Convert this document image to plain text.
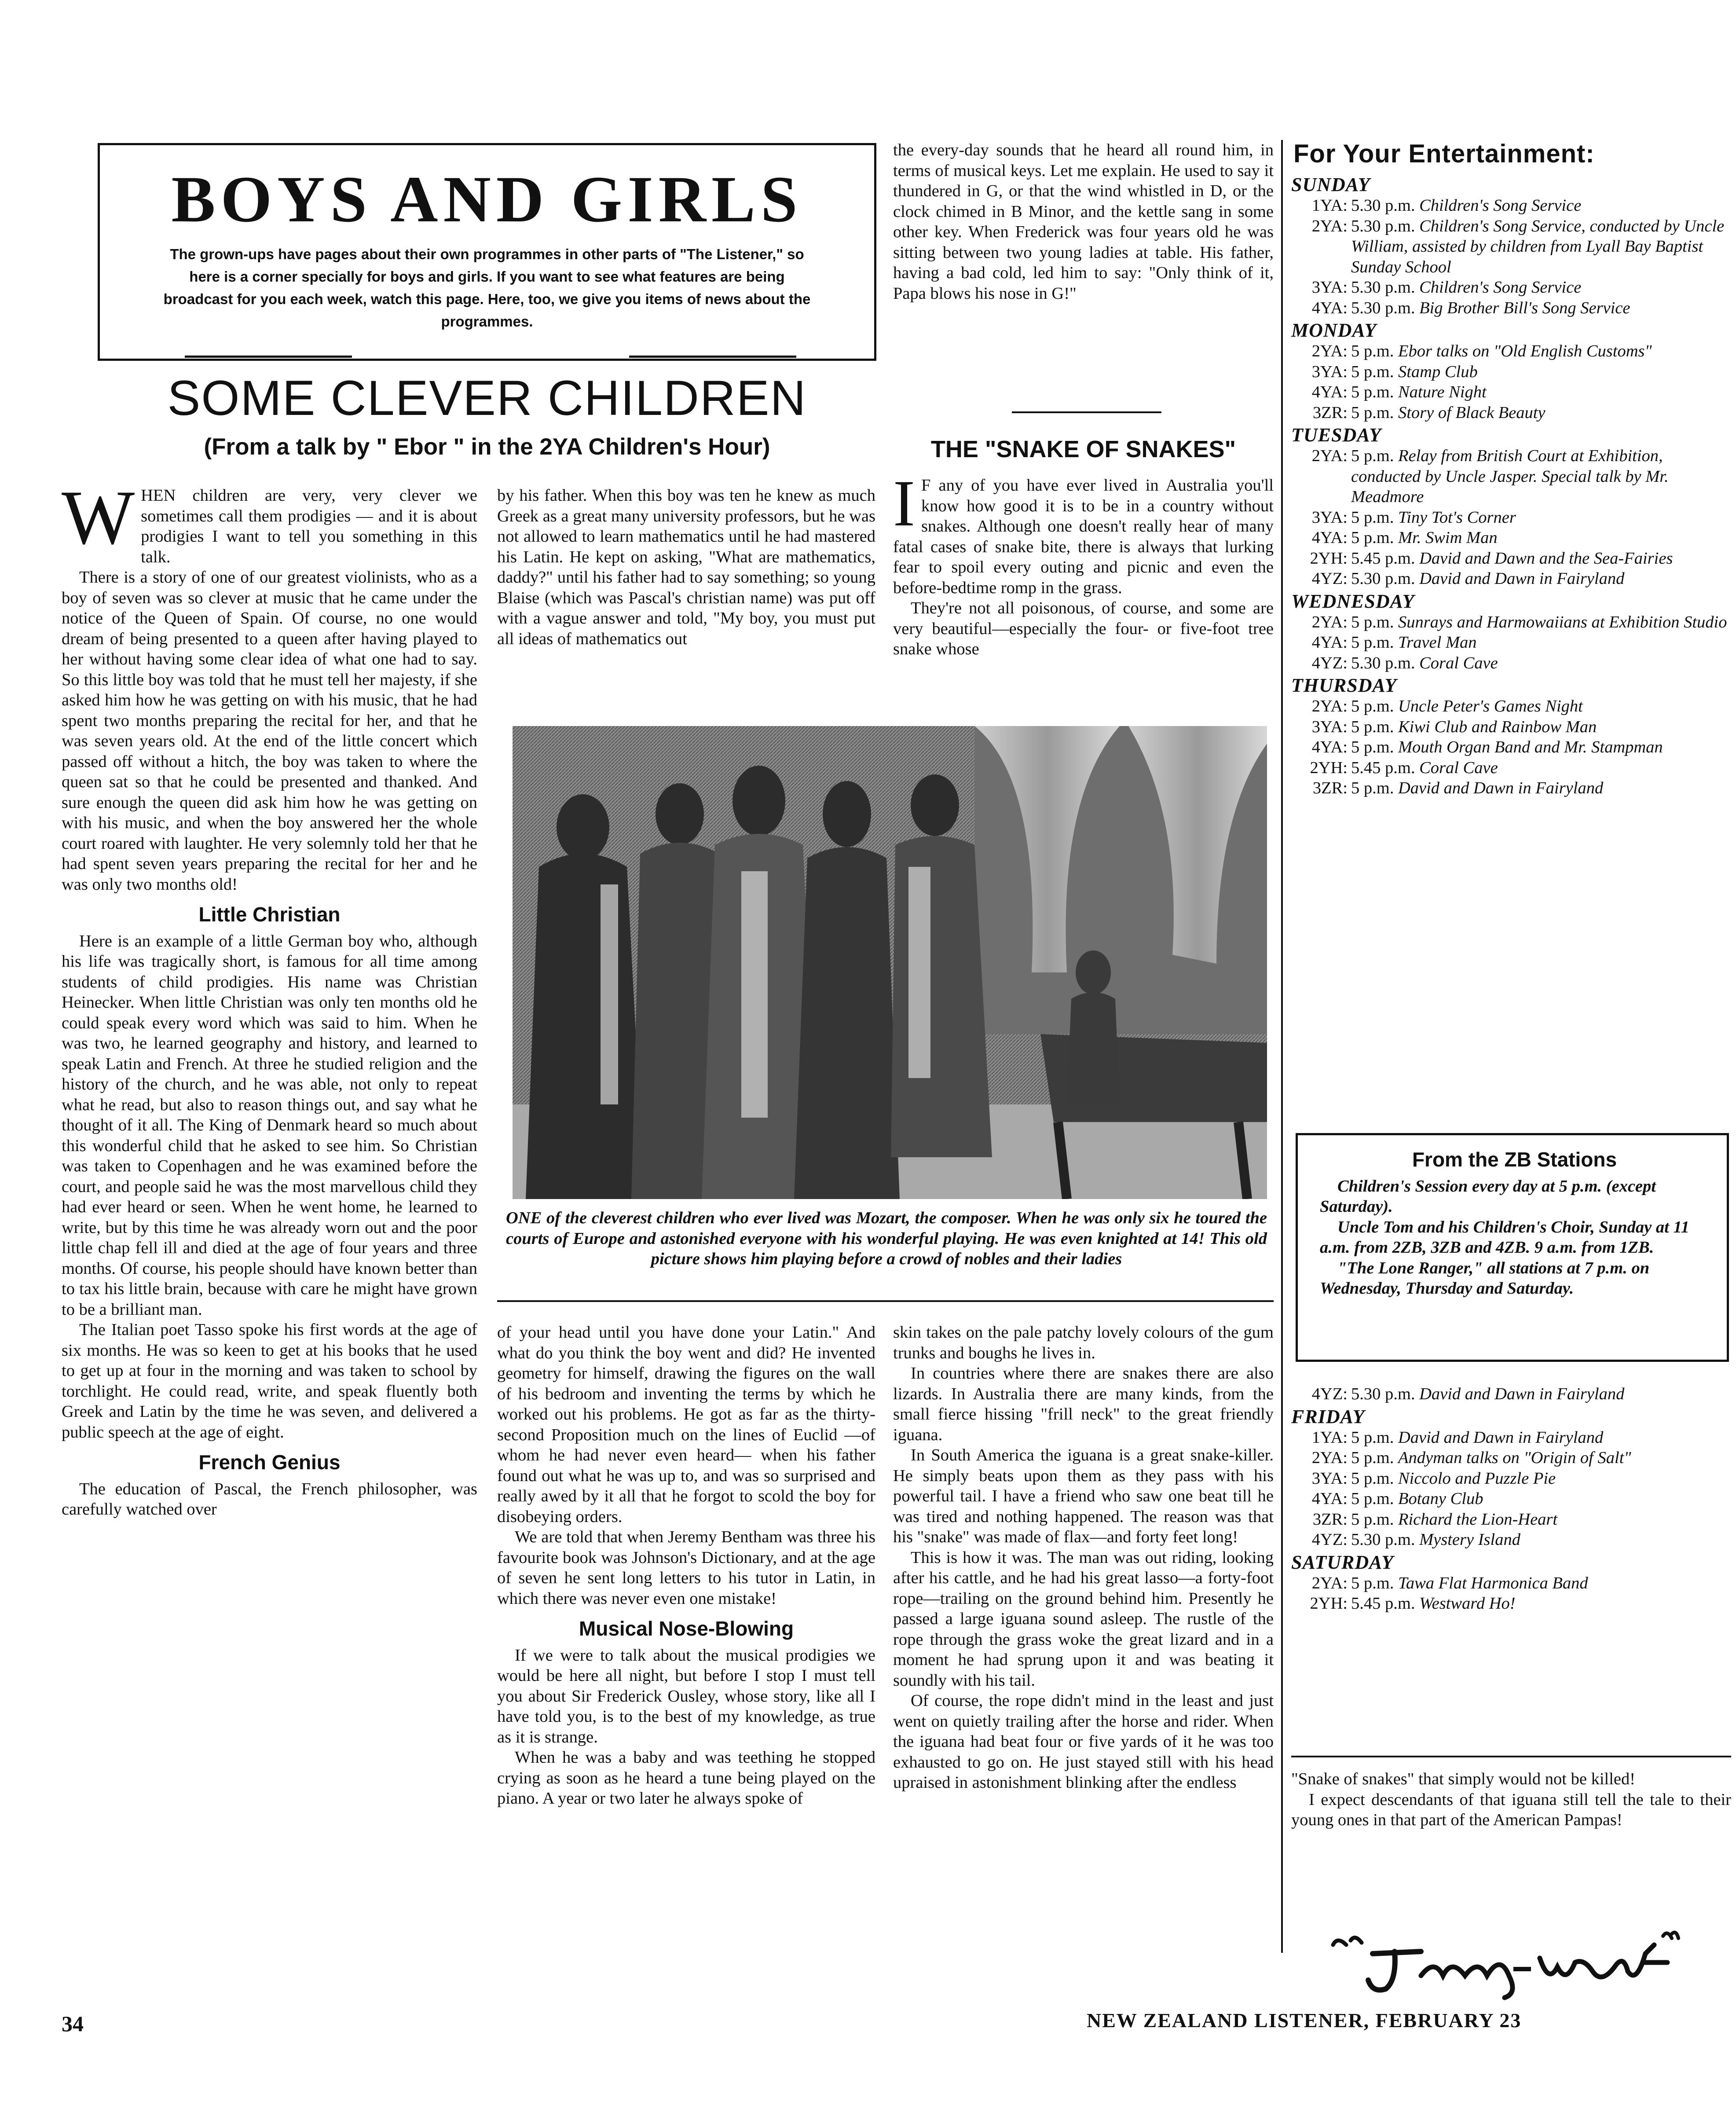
BOYS AND GIRLS
The grown-ups have pages about their own programmes in other parts of "The Listener," so here is a corner specially for boys and girls. If you want to see what features are being broadcast for you each week, watch this page. Here, too, we give you items of news about the programmes.
SOME CLEVER CHILDREN
(From a talk by " Ebor " in the 2YA Children's Hour)
W HEN children are very, very clever we sometimes call them prodigies — and it is about prodigies I want to tell you something in this talk.

There is a story of one of our greatest violinists, who as a boy of seven was so clever at music that he came under the notice of the Queen of Spain. Of course, no one would dream of being presented to a queen after having played to her without having some clear idea of what one had to say. So this little boy was told that he must tell her majesty, if she asked him how he was getting on with his music, that he had spent two months preparing the recital for her, and that he was seven years old. At the end of the little concert which passed off without a hitch, the boy was taken to where the queen sat so that he could be presented and thanked. And sure enough the queen did ask him how he was getting on with his music, and when the boy answered her the whole court roared with laughter. He very solemnly told her that he had spent seven years preparing the recital for her and he was only two months old!

Little Christian

Here is an example of a little German boy who, although his life was tragically short, is famous for all time among students of child prodigies. His name was Christian Heinecker. When little Christian was only ten months old he could speak every word which was said to him. When he was two, he learned geography and history, and learned to speak Latin and French. At three he studied religion and the history of the church, and he was able, not only to repeat what he read, but also to reason things out, and say what he thought of it all. The King of Denmark heard so much about this wonderful child that he asked to see him. So Christian was taken to Copenhagen and he was examined before the court, and people said he was the most marvellous child they had ever heard or seen. When he went home, he learned to write, but by this time he was already worn out and the poor little chap fell ill and died at the age of four years and three months. Of course, his people should have known better than to tax his little brain, because with care he might have grown to be a brilliant man.

The Italian poet Tasso spoke his first words at the age of six months. He was so keen to get at his books that he used to get up at four in the morning and was taken to school by torchlight. He could read, write, and speak fluently both Greek and Latin by the time he was seven, and delivered a public speech at the age of eight.

French Genius

The education of Pascal, the French philosopher, was carefully watched over

by his father. When this boy was ten he knew as much Greek as a great many university professors, but he was not allowed to learn mathematics until he had mastered his Latin. He kept on asking, "What are mathematics, daddy?" until his father had to say something; so young Blaise (which was Pascal's christian name) was put off with a vague answer and told, "My boy, you must put all ideas of mathematics out

the every-day sounds that he heard all round him, in terms of musical keys. Let me explain. He used to say it thundered in G, or that the wind whistled in D, or the clock chimed in B Minor, and the kettle sang in some other key. When Frederick was four years old he was sitting between two young ladies at table. His father, having a bad cold, led him to say: "Only think of it, Papa blows his nose in G!"

THE "SNAKE OF SNAKES"
I F any of you have ever lived in Australia you'll know how good it is to be in a country without snakes. Although one doesn't really hear of many fatal cases of snake bite, there is always that lurking fear to spoil every outing and picnic and even the before-bedtime romp in the grass.

They're not all poisonous, of course, and some are very beautiful—especially the four- or five-foot tree snake whose

ONE of the cleverest children who ever lived was Mozart, the composer. When he was only six he toured the courts of Europe and astonished everyone with his wonderful playing. He was even knighted at 14! This old picture shows him playing before a crowd of nobles and their ladies

of your head until you have done your Latin." And what do you think the boy went and did? He invented geometry for himself, drawing the figures on the wall of his bedroom and inventing the terms by which he worked out his problems. He got as far as the thirty-second Proposition much on the lines of Euclid —of whom he had never even heard— when his father found out what he was up to, and was so surprised and really awed by it all that he forgot to scold the boy for disobeying orders.

We are told that when Jeremy Bentham was three his favourite book was Johnson's Dictionary, and at the age of seven he sent long letters to his tutor in Latin, in which there was never even one mistake!

Musical Nose-Blowing

If we were to talk about the musical prodigies we would be here all night, but before I stop I must tell you about Sir Frederick Ousley, whose story, like all I have told you, is to the best of my knowledge, as true as it is strange.

When he was a baby and was teething he stopped crying as soon as he heard a tune being played on the piano. A year or two later he always spoke of

skin takes on the pale patchy lovely colours of the gum trunks and boughs he lives in.

In countries where there are snakes there are also lizards. In Australia there are many kinds, from the small fierce hissing "frill neck" to the great friendly iguana.

In South America the iguana is a great snake-killer. He simply beats upon them as they pass with his powerful tail. I have a friend who saw one beat till he was tired and nothing happened. The reason was that his "snake" was made of flax—and forty feet long!

This is how it was. The man was out riding, looking after his cattle, and he had his great lasso—a forty-foot rope—trailing on the ground behind him. Presently he passed a large iguana sound asleep. The rustle of the rope through the grass woke the great lizard and in a moment he had sprung upon it and was beating it soundly with his tail.

Of course, the rope didn't mind in the least and just went on quietly trailing after the horse and rider. When the iguana had beat four or five yards of it he was too exhausted to go on. He just stayed still with his head upraised in astonishment blinking after the endless

For Your Entertainment:
SUNDAY
1YA: 5.30 p.m. Children's Song Service
2YA: 5.30 p.m. Children's Song Service, conducted by Uncle William, assisted by children from Lyall Bay Baptist Sunday School
3YA: 5.30 p.m. Children's Song Service
4YA: 5.30 p.m. Big Brother Bill's Song Service
MONDAY
2YA: 5 p.m. Ebor talks on "Old English Customs"
3YA: 5 p.m. Stamp Club
4YA: 5 p.m. Nature Night
3ZR: 5 p.m. Story of Black Beauty
TUESDAY
2YA: 5 p.m. Relay from British Court at Exhibition, conducted by Uncle Jasper. Special talk by Mr. Meadmore
3YA: 5 p.m. Tiny Tot's Corner
4YA: 5 p.m. Mr. Swim Man
2YH: 5.45 p.m. David and Dawn and the Sea-Fairies
4YZ: 5.30 p.m. David and Dawn in Fairyland
WEDNESDAY
2YA: 5 p.m. Sunrays and Harmowaiians at Exhibition Studio
4YA: 5 p.m. Travel Man
4YZ: 5.30 p.m. Coral Cave
THURSDAY
2YA: 5 p.m. Uncle Peter's Games Night
3YA: 5 p.m. Kiwi Club and Rainbow Man
4YA: 5 p.m. Mouth Organ Band and Mr. Stampman
2YH: 5.45 p.m. Coral Cave
3ZR: 5 p.m. David and Dawn in Fairyland
From the ZB Stations

Children's Session every day at 5 p.m. (except Saturday).

Uncle Tom and his Children's Choir, Sunday at 11 a.m. from 2ZB, 3ZB and 4ZB. 9 a.m. from 1ZB.

"The Lone Ranger," all stations at 7 p.m. on Wednesday, Thursday and Saturday.

4YZ: 5.30 p.m. David and Dawn in Fairyland
FRIDAY
1YA: 5 p.m. David and Dawn in Fairyland
2YA: 5 p.m. Andyman talks on "Origin of Salt"
3YA: 5 p.m. Niccolo and Puzzle Pie
4YA: 5 p.m. Botany Club
3ZR: 5 p.m. Richard the Lion-Heart
4YZ: 5.30 p.m. Mystery Island
SATURDAY
2YA: 5 p.m. Tawa Flat Harmonica Band
2YH: 5.45 p.m. Westward Ho!

"Snake of snakes" that simply would not be killed!

I expect descendants of that iguana still tell the tale to their young ones in that part of the American Pampas!

34	NEW ZEALAND LISTENER, FEBRUARY 23
